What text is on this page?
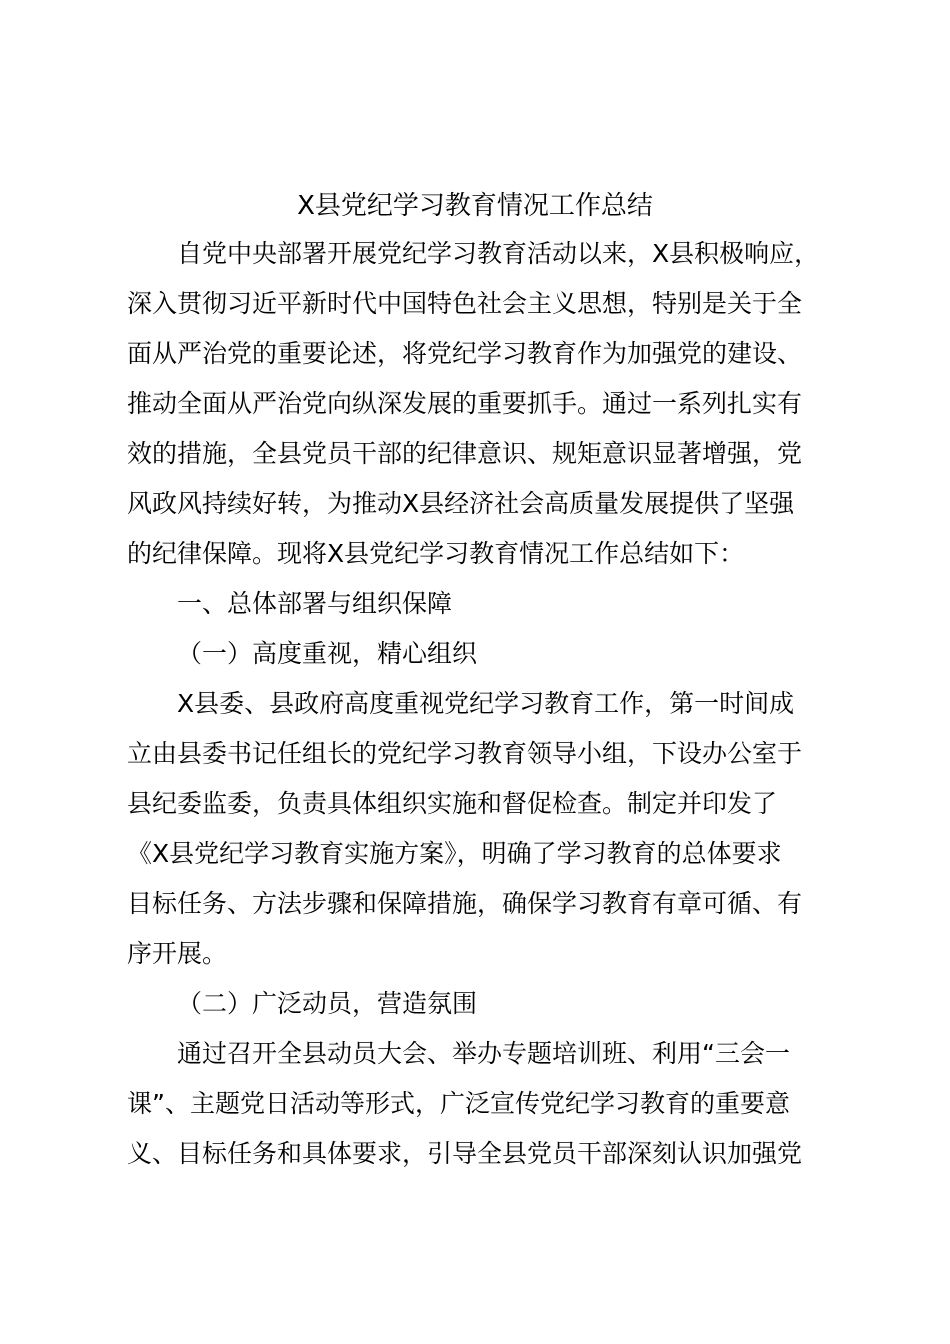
X县党纪学习教育情况工作总结
自党中央部署开展党纪学习教育活动以来，X县积极响应，
深入贯彻习近平新时代中国特色社会主义思想，特别是关于全
面从严治党的重要论述，将党纪学习教育作为加强党的建设、
推动全面从严治党向纵深发展的重要抓手。通过一系列扎实有
效的措施，全县党员干部的纪律意识、规矩意识显著增强，党
风政风持续好转，为推动X县经济社会高质量发展提供了坚强
的纪律保障。现将X县党纪学习教育情况工作总结如下：
一、总体部署与组织保障
（一）高度重视，精心组织
X县委、县政府高度重视党纪学习教育工作，第一时间成
立由县委书记任组长的党纪学习教育领导小组，下设办公室于
县纪委监委，负责具体组织实施和督促检查。制定并印发了
《X县党纪学习教育实施方案》，明确了学习教育的总体要求
目标任务、方法步骤和保障措施，确保学习教育有章可循、有
序开展。
（二）广泛动员，营造氛围
通过召开全县动员大会、举办专题培训班、利用“三会一
课”、主题党日活动等形式，广泛宣传党纪学习教育的重要意
义、目标任务和具体要求，引导全县党员干部深刻认识加强党
